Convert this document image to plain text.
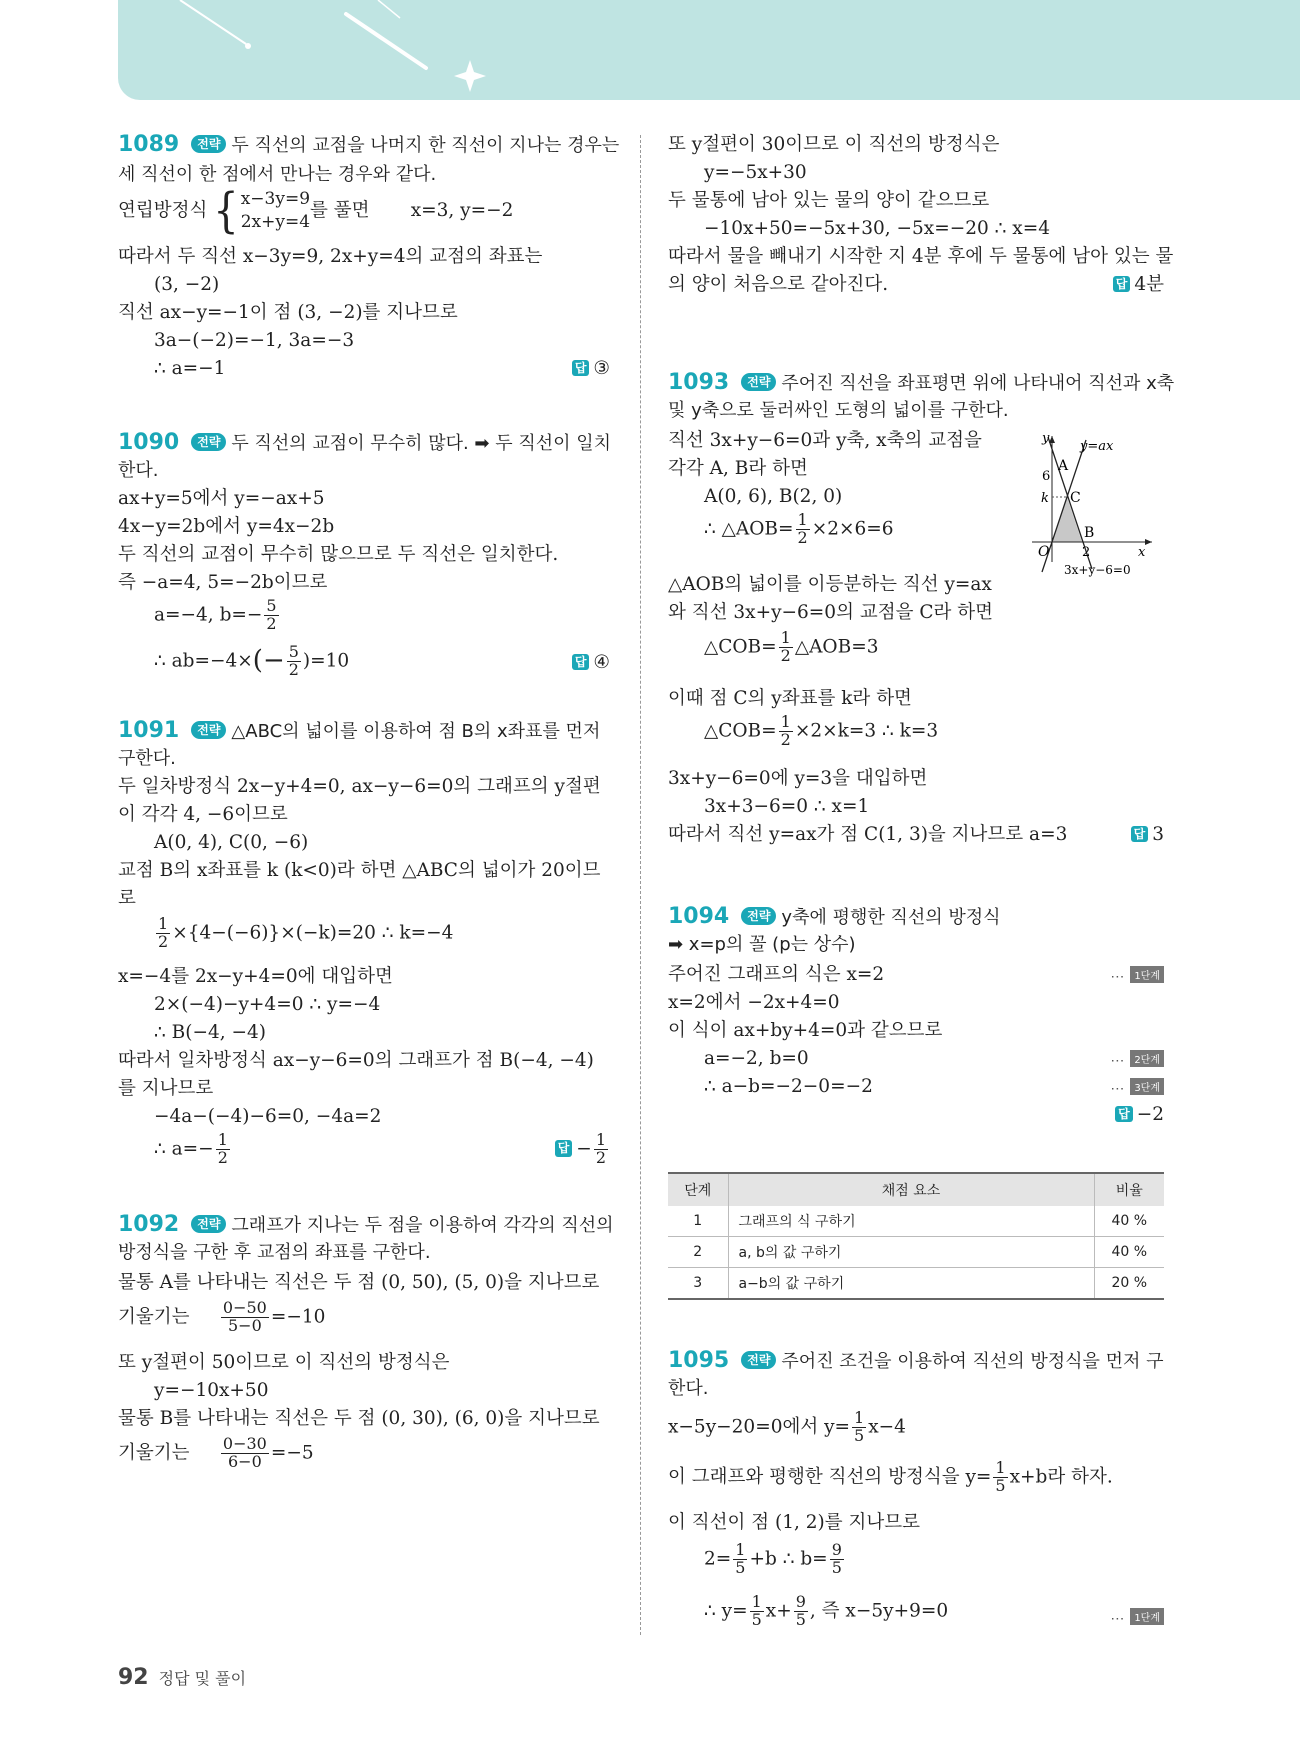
1089 전략 두 직선의 교점을 나머지 한 직선이 지나는 경우는
세 직선이 한 점에서 만나는 경우와 같다.
연립방정식 { x−3y=9
2x+y=4
를 풀면 x=3, y=−2
따라서 두 직선 x−3y=9, 2x+y=4의 교점의 좌표는
(3, −2)
직선 ax−y=−1이 점 (3, −2)를 지나므로
3a−(−2)=−1, 3a=−3
∴ a=−1	답 ③
1090 전략 두 직선의 교점이 무수히 많다. ➡ 두 직선이 일치
한다.
ax+y=5에서 y=−ax+5
4x−y=2b에서 y=4x−2b
두 직선의 교점이 무수히 많으므로 두 직선은 일치한다.
즉 −a=4, 5=−2b이므로
a=−4, $b=- \frac{5}{2}$
∴ $ab=-4\times(- \frac{5}{2} )=10$	답 ④
1091 전략 △ABC의 넓이를 이용하여 점 B의 x좌표를 먼저
구한다.
두 일차방정식 2x−y+4=0, ax−y−6=0의 그래프의 y절편
이 각각 4, −6이므로
A(0, 4), C(0, −6)
교점 B의 x좌표를 k (k<0)라 하면 △ABC의 넓이가 20이므
로
$\frac{1}{2} \times\{4-(-6)\}\times(-k)=20$ ∴ k=−4
x=−4를 2x−y+4=0에 대입하면
2×(−4)−y+4=0 ∴ y=−4
∴ B(−4, −4)
따라서 일차방정식 ax−y−6=0의 그래프가 점 B(−4, −4)
를 지나므로
−4a−(−4)−6=0, −4a=2
∴ $a=- \frac{1}{2}$	답 − $\frac{1}{2}$
1092 전략 그래프가 지나는 두 점을 이용하여 각각의 직선의
방정식을 구한 후 교점의 좌표를 구한다.
물통 A를 나타내는 직선은 두 점 (0, 50), (5, 0)을 지나므로
기울기는 $\frac{0-50}{5-0} =-10$
또 y절편이 50이므로 이 직선의 방정식은
y=−10x+50
물통 B를 나타내는 직선은 두 점 (0, 30), (6, 0)을 지나므로
기울기는 $\frac{0-30}{6-0} =-5$
또 y절편이 30이므로 이 직선의 방정식은
y=−5x+30
두 물통에 남아 있는 물의 양이 같으므로
−10x+50=−5x+30, −5x=−20 ∴ x=4
따라서 물을 빼내기 시작한 지 4분 후에 두 물통에 남아 있는 물
의 양이 처음으로 같아진다.	답 4분
1093 전략 주어진 직선을 좌표평면 위에 나타내어 직선과 x축
및 y축으로 둘러싸인 도형의 넓이를 구한다.
직선 3x+y−6=0과 y축, x축의 교점을
각각 A, B라 하면
A(0, 6), B(2, 0)
∴ △AOB= $\frac{1}{2} \times 2\times 6=6$
△AOB의 넓이를 이등분하는 직선 y=ax
와 직선 3x+y−6=0의 교점을 C라 하면
△COB= $\frac{1}{2}$ △AOB=3
이때 점 C의 y좌표를 k라 하면
△COB= $\frac{1}{2} \times 2\times k=3$ ∴ k=3
3x+y−6=0에 y=3을 대입하면
3x+3−6=0 ∴ x=1
따라서 직선 y=ax가 점 C(1, 3)을 지나므로 a=3	답 3
y
y=ax
A
6
k C
B
O	2	x
3x+y−6=0
1094 전략 y축에 평행한 직선의 방정식
➡ x=p의 꼴 (p는 상수)
주어진 그래프의 식은 x=2	⋯ 1단계
x=2에서 −2x+4=0
이 식이 ax+by+4=0과 같으므로
a=−2, b=0	⋯ 2단계
∴ a−b=−2−0=−2	⋯ 3단계
답 −2
단계	채점 요소	비율
1	그래프의 식 구하기	40 %
2	a, b의 값 구하기	40 %
3	a−b의 값 구하기	20 %
1095 전략 주어진 조건을 이용하여 직선의 방정식을 먼저 구
한다.
x−5y−20=0에서 $y= \frac{1}{5} x-4$
이 그래프와 평행한 직선의 방정식을 $y= \frac{1}{5} x+b$라 하자.
이 직선이 점 (1, 2)를 지나므로
$2= \frac{1}{5} +b$ ∴ $b= \frac{9}{5}$
∴ $y= \frac{1}{5} x+ \frac{9}{5}$ , 즉 x−5y+9=0	⋯ 1단계
92 정답 및 풀이
